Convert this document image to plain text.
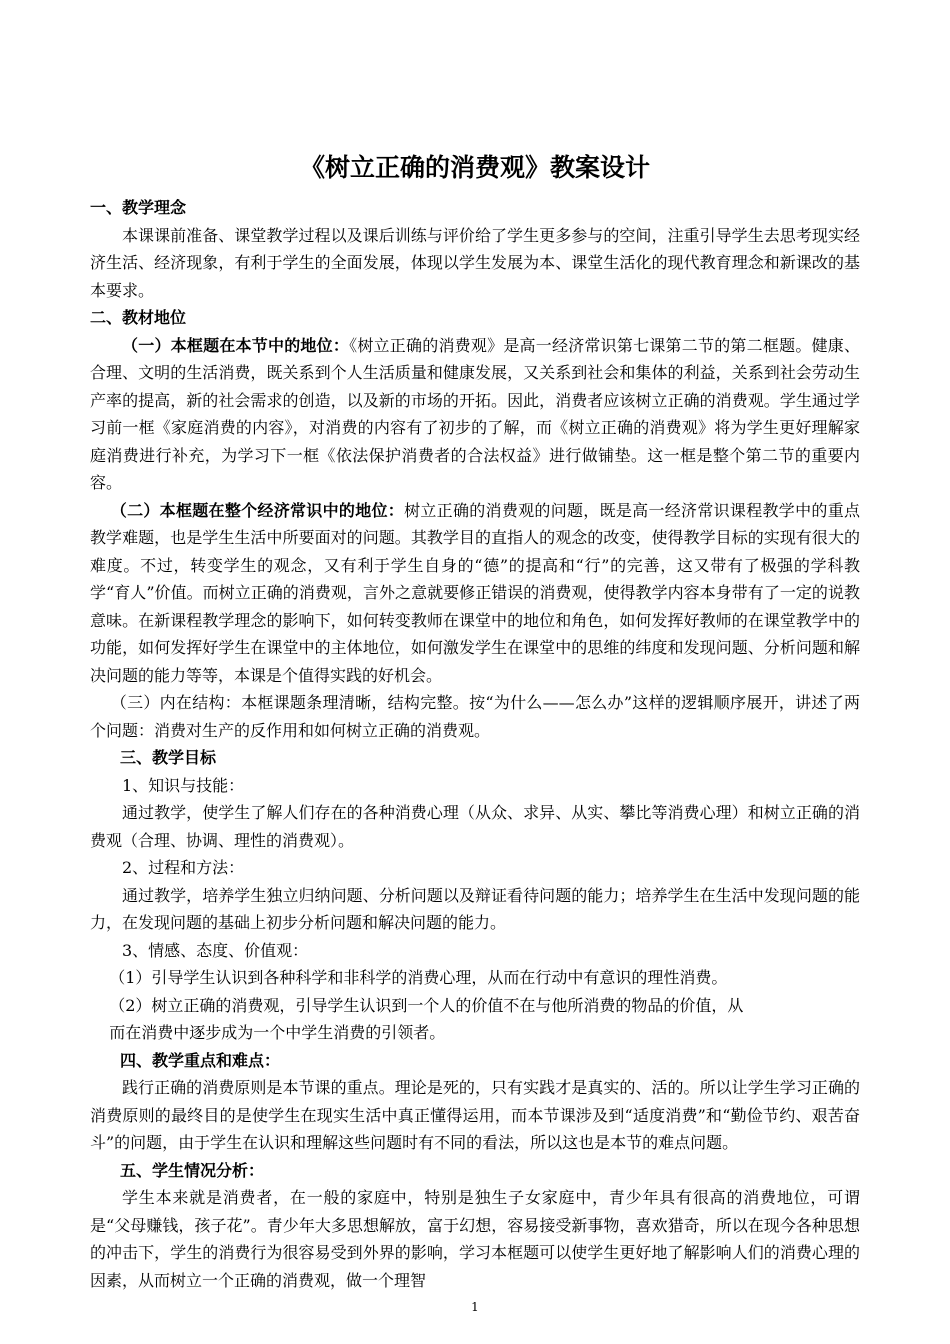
《树立正确的消费观》教案设计
一、教学理念

本课课前准备、课堂教学过程以及课后训练与评价给了学生更多参与的空间，注重引导学生去思考现实经济生活、经济现象，有利于学生的全面发展，体现以学生发展为本、课堂生活化的现代教育理念和新课改的基本要求。

二、教材地位

（一）本框题在本节中的地位：《树立正确的消费观》是高一经济常识第七课第二节的第二框题。健康、合理、文明的生活消费，既关系到个人生活质量和健康发展，又关系到社会和集体的利益，关系到社会劳动生产率的提高，新的社会需求的创造，以及新的市场的开拓。因此，消费者应该树立正确的消费观。学生通过学习前一框《家庭消费的内容》，对消费的内容有了初步的了解，而《树立正确的消费观》将为学生更好理解家庭消费进行补充，为学习下一框《依法保护消费者的合法权益》进行做铺垫。这一框是整个第二节的重要内容。

（二）本框题在整个经济常识中的地位：树立正确的消费观的问题，既是高一经济常识课程教学中的重点教学难题，也是学生生活中所要面对的问题。其教学目的直指人的观念的改变，使得教学目标的实现有很大的难度。不过，转变学生的观念，又有利于学生自身的“德”的提高和“行”的完善，这又带有了极强的学科教学“育人”价值。而树立正确的消费观，言外之意就要修正错误的消费观，使得教学内容本身带有了一定的说教意味。在新课程教学理念的影响下，如何转变教师在课堂中的地位和角色，如何发挥好教师的在课堂教学中的功能，如何发挥好学生在课堂中的主体地位，如何激发学生在课堂中的思维的纬度和发现问题、分析问题和解决问题的能力等等，本课是个值得实践的好机会。

（三）内在结构：本框课题条理清晰，结构完整。按“为什么——怎么办”这样的逻辑顺序展开，讲述了两个问题：消费对生产的反作用和如何树立正确的消费观。

三、教学目标

1、知识与技能：

通过教学，使学生了解人们存在的各种消费心理（从众、求异、从实、攀比等消费心理）和树立正确的消费观（合理、协调、理性的消费观）。

2、过程和方法：

通过教学，培养学生独立归纳问题、分析问题以及辩证看待问题的能力；培养学生在生活中发现问题的能力，在发现问题的基础上初步分析问题和解决问题的能力。

3、情感、态度、价值观：

（1）引导学生认识到各种科学和非科学的消费心理，从而在行动中有意识的理性消费。

（2）树立正确的消费观，引导学生认识到一个人的价值不在与他所消费的物品的价值，从

而在消费中逐步成为一个中学生消费的引领者。

四、教学重点和难点：

践行正确的消费原则是本节课的重点。理论是死的，只有实践才是真实的、活的。所以让学生学习正确的消费原则的最终目的是使学生在现实生活中真正懂得运用，而本节课涉及到“适度消费”和“勤俭节约、艰苦奋斗”的问题，由于学生在认识和理解这些问题时有不同的看法，所以这也是本节的难点问题。

五、学生情况分析：

学生本来就是消费者，在一般的家庭中，特别是独生子女家庭中，青少年具有很高的消费地位，可谓是“父母赚钱，孩子花”。青少年大多思想解放，富于幻想，容易接受新事物，喜欢猎奇，所以在现今各种思想的冲击下，学生的消费行为很容易受到外界的影响，学习本框题可以使学生更好地了解影响人们的消费心理的因素，从而树立一个正确的消费观，做一个理智

1
